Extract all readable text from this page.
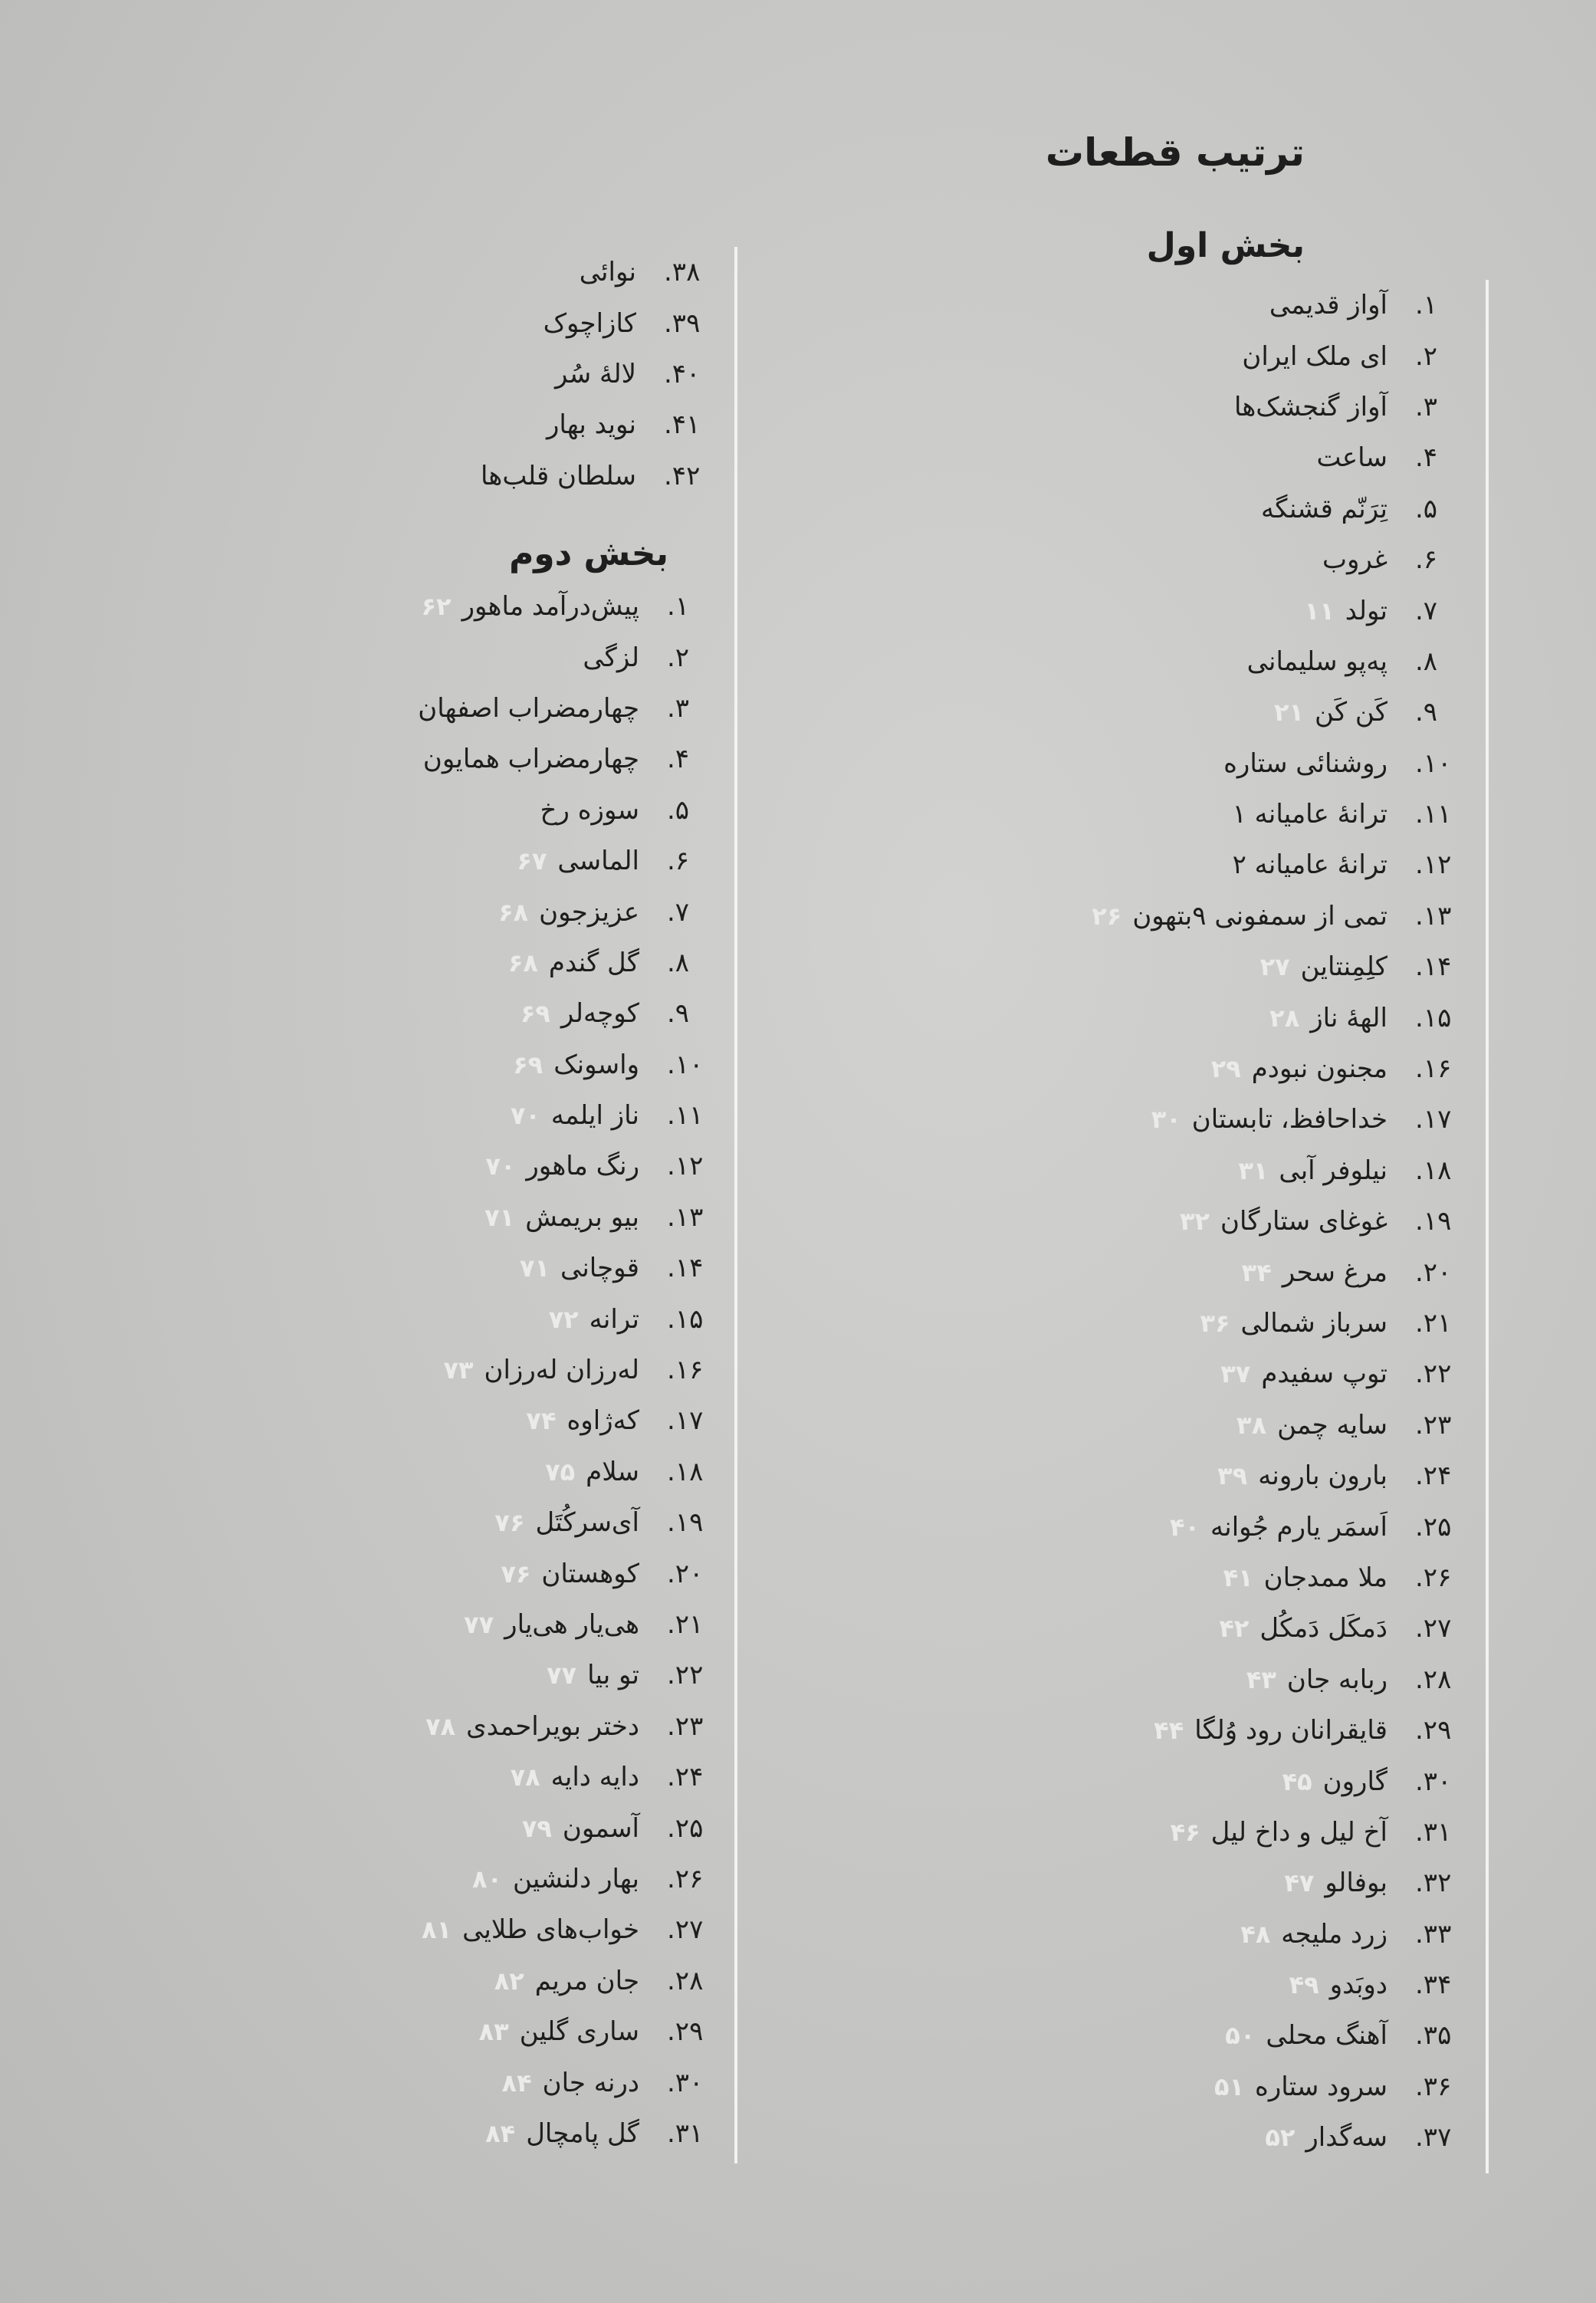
ترتیب قطعات
بخش اول
.۱
آواز قدیمی
.۲
ای ملک ایران
.۳
آواز گنجشک‌ها
.۴
ساعت
.۵
تِرَنّم قشنگه
.۶
غروب
.۷
تولد
۱۱
.۸
پەپو سلیمانی
.۹
کَن کَن
۲۱
.۱۰
روشنائی ستاره
.۱۱
ترانهٔ عامیانه ۱
.۱۲
ترانهٔ عامیانه ۲
.۱۳
تمی از سمفونی ۹بتهون
۲۶
.۱۴
کلِمِنتاین
۲۷
.۱۵
الههٔ ناز
۲۸
.۱۶
مجنون نبودم
۲۹
.۱۷
خداحافظ، تابستان
۳۰
.۱۸
نیلوفر آبی
۳۱
.۱۹
غوغای ستارگان
۳۲
.۲۰
مرغ سحر
۳۴
.۲۱
سرباز شمالی
۳۶
.۲۲
توپ سفیدم
۳۷
.۲۳
سایه چمن
۳۸
.۲۴
بارون بارونه
۳۹
.۲۵
اَسمَر یارم جُوانه
۴۰
.۲۶
ملا ممدجان
۴۱
.۲۷
دَمکَل دَمکُل
۴۲
.۲۸
ربابه جان
۴۳
.۲۹
قایقرانان رود وُلگا
۴۴
.۳۰
گارون
۴۵
.۳۱
آخ لیل و داخ لیل
۴۶
.۳۲
بوفالو
۴۷
.۳۳
زرد ملیجه
۴۸
.۳۴
دوبَدو
۴۹
.۳۵
آهنگ محلی
۵۰
.۳۶
سرود ستاره
۵۱
.۳۷
سەگدار
۵۲
.۳۸
نوائی
.۳۹
کازاچوک
.۴۰
لالهٔ سُر
.۴۱
نوید بهار
.۴۲
سلطان قلب‌ها
بخش دوم
.۱
پیش‌درآمد ماهور
۶۲
.۲
لزگی
.۳
چهارمضراب اصفهان
.۴
چهارمضراب همایون
.۵
سوزه رخ
.۶
الماسی
۶۷
.۷
عزیزجون
۶۸
.۸
گل گندم
۶۸
.۹
کوچەلر
۶۹
.۱۰
واسونک
۶۹
.۱۱
ناز ایلمه
۷۰
.۱۲
رنگ ماهور
۷۰
.۱۳
بیو بریمش
۷۱
.۱۴
قوچانی
۷۱
.۱۵
ترانه
۷۲
.۱۶
لەرزان لەرزان
۷۳
.۱۷
کەژاوه
۷۴
.۱۸
سلام
۷۵
.۱۹
آی‌سرکُتَل
۷۶
.۲۰
کوهستان
۷۶
.۲۱
هی‌یار هی‌یار
۷۷
.۲۲
تو بیا
۷۷
.۲۳
دختر بویراحمدی
۷۸
.۲۴
دایه دایه
۷۸
.۲۵
آسمون
۷۹
.۲۶
بهار دلنشین
۸۰
.۲۷
خواب‌های طلایی
۸۱
.۲۸
جان مریم
۸۲
.۲۹
ساری گلین
۸۳
.۳۰
درنه جان
۸۴
.۳۱
گل پامچال
۸۴
